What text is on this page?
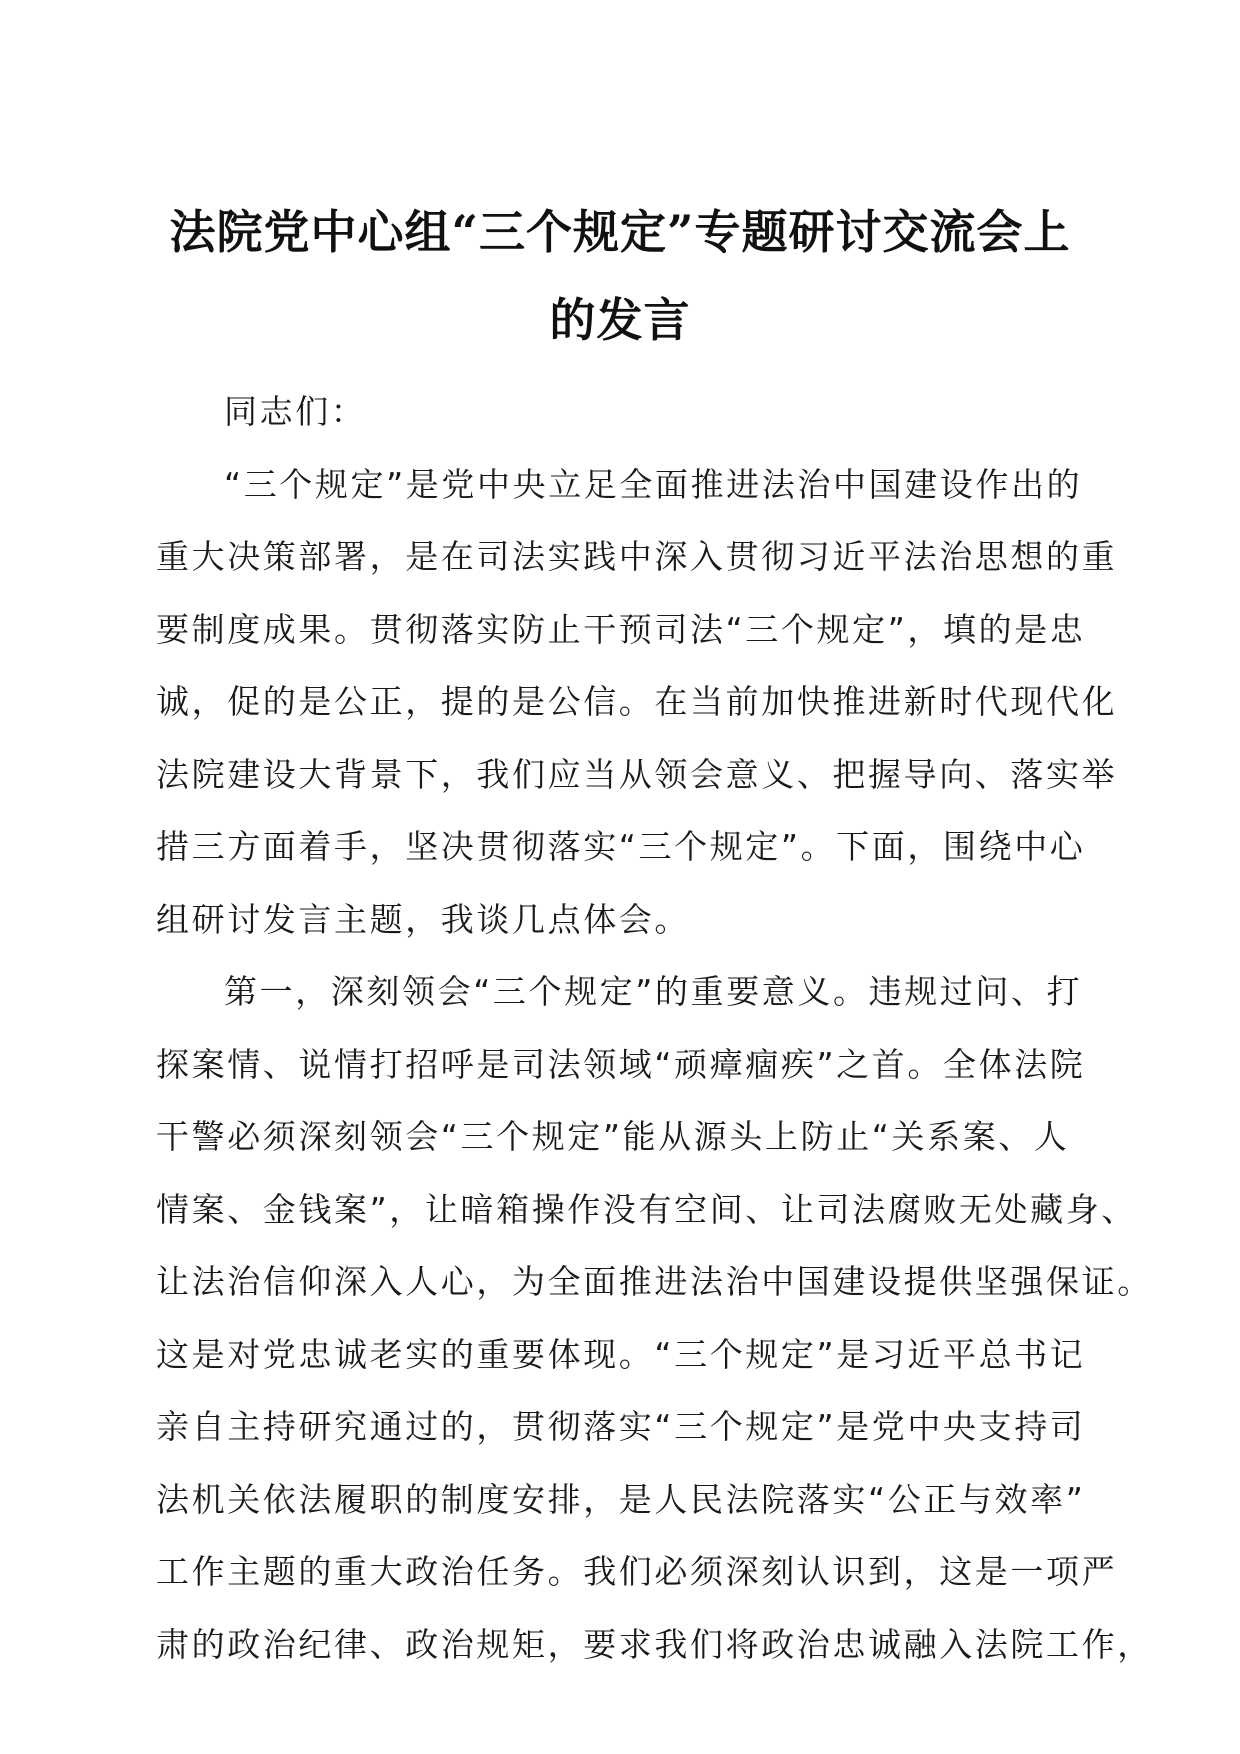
法院党中心组“三个规定”专题研讨交流会上
的发言

同志们：

“三个规定”是党中央立足全面推进法治中国建设作出的
重大决策部署，是在司法实践中深入贯彻习近平法治思想的重
要制度成果。贯彻落实防止干预司法“三个规定”，填的是忠
诚，促的是公正，提的是公信。在当前加快推进新时代现代化
法院建设大背景下，我们应当从领会意义、把握导向、落实举
措三方面着手，坚决贯彻落实“三个规定”。下面，围绕中心
组研讨发言主题，我谈几点体会。

第一，深刻领会“三个规定”的重要意义。违规过问、打
探案情、说情打招呼是司法领域“顽瘴痼疾”之首。全体法院
干警必须深刻领会“三个规定”能从源头上防止“关系案、人
情案、金钱案”，让暗箱操作没有空间、让司法腐败无处藏身、
让法治信仰深入人心，为全面推进法治中国建设提供坚强保证。
这是对党忠诚老实的重要体现。“三个规定”是习近平总书记
亲自主持研究通过的，贯彻落实“三个规定”是党中央支持司
法机关依法履职的制度安排，是人民法院落实“公正与效率”
工作主题的重大政治任务。我们必须深刻认识到，这是一项严
肃的政治纪律、政治规矩，要求我们将政治忠诚融入法院工作，
